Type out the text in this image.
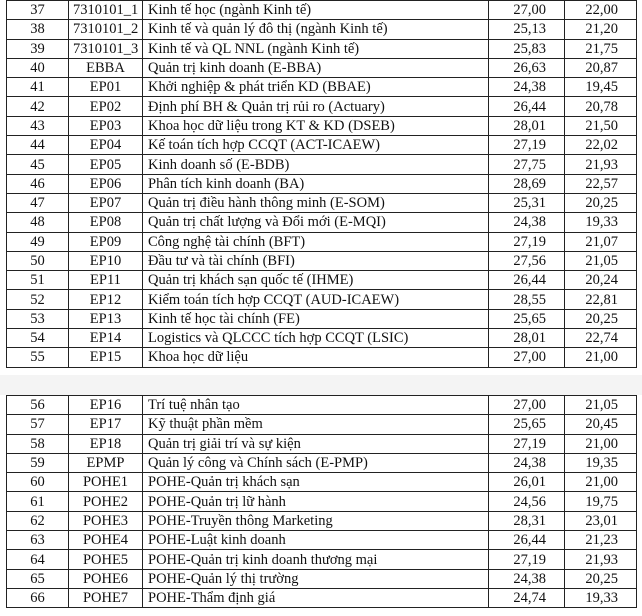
37	7310101_1	Kinh tế học (ngành Kinh tế)	27,00	22,00
38	7310101_2	Kinh tế và quản lý đô thị (ngành Kinh tế)	25,13	21,20
39	7310101_3	Kinh tế và QL NNL (ngành Kinh tế)	25,83	21,75
40	EBBA	Quản trị kinh doanh (E-BBA)	26,63	20,87
41	EP01	Khởi nghiệp & phát triển KD (BBAE)	24,38	19,45
42	EP02	Định phí BH & Quản trị rủi ro (Actuary)	26,44	20,78
43	EP03	Khoa học dữ liệu trong KT & KD (DSEB)	28,01	21,50
44	EP04	Kế toán tích hợp CCQT (ACT-ICAEW)	27,19	22,02
45	EP05	Kinh doanh số (E-BDB)	27,75	21,93
46	EP06	Phân tích kinh doanh (BA)	28,69	22,57
47	EP07	Quản trị điều hành thông minh (E-SOM)	25,31	20,25
48	EP08	Quản trị chất lượng và Đổi mới (E-MQI)	24,38	19,33
49	EP09	Công nghệ tài chính (BFT)	27,19	21,07
50	EP10	Đầu tư và tài chính (BFI)	27,56	21,05
51	EP11	Quản trị khách sạn quốc tế (IHME)	26,44	20,24
52	EP12	Kiểm toán tích hợp CCQT (AUD-ICAEW)	28,55	22,81
53	EP13	Kinh tế học tài chính (FE)	25,65	20,25
54	EP14	Logistics và QLCCC tích hợp CCQT (LSIC)	28,01	22,74
55	EP15	Khoa học dữ liệu	27,00	21,00
56	EP16	Trí tuệ nhân tạo	27,00	21,05
57	EP17	Kỹ thuật phần mềm	25,65	20,45
58	EP18	Quản trị giải trí và sự kiện	27,19	21,00
59	EPMP	Quản lý công và Chính sách (E-PMP)	24,38	19,35
60	POHE1	POHE-Quản trị khách sạn	26,01	21,00
61	POHE2	POHE-Quản trị lữ hành	24,56	19,75
62	POHE3	POHE-Truyền thông Marketing	28,31	23,01
63	POHE4	POHE-Luật kinh doanh	26,44	21,23
64	POHE5	POHE-Quản trị kinh doanh thương mại	27,19	21,93
65	POHE6	POHE-Quản lý thị trường	24,38	20,25
66	POHE7	POHE-Thẩm định giá	24,74	19,33
